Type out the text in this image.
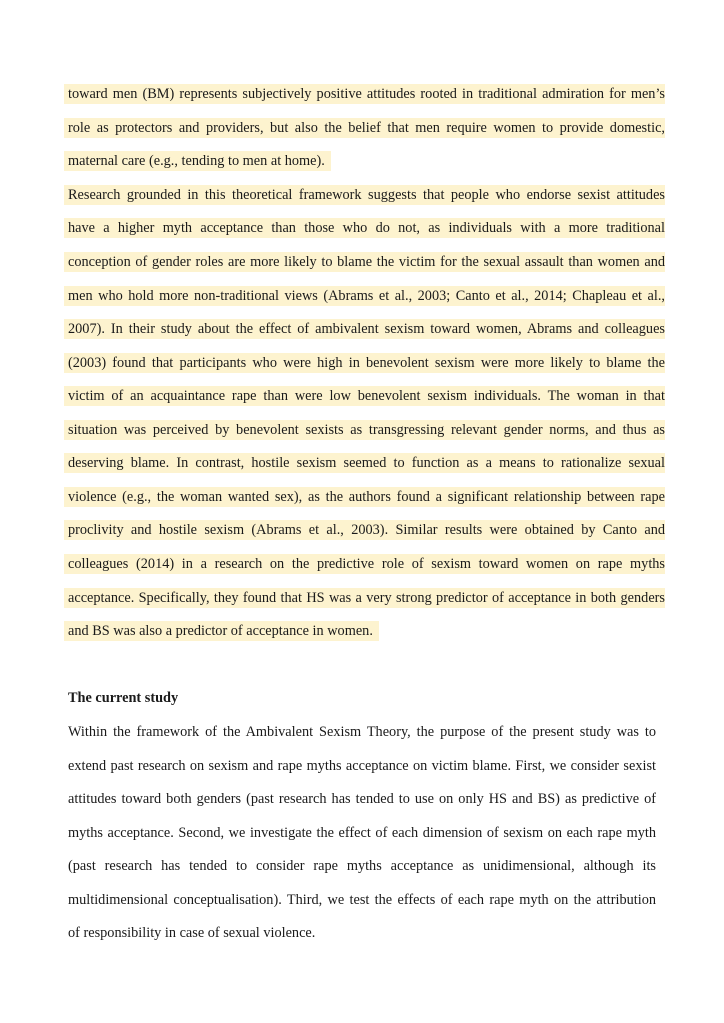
toward men (BM) represents subjectively positive attitudes rooted in traditional admiration for men’s
role as protectors and providers, but also the belief that men require women to provide domestic,
maternal care (e.g., tending to men at home).
Research grounded in this theoretical framework suggests that people who endorse sexist attitudes
have a higher myth acceptance than those who do not, as individuals with a more traditional
conception of gender roles are more likely to blame the victim for the sexual assault than women and
men who hold more non-traditional views (Abrams et al., 2003; Canto et al., 2014; Chapleau et al.,
2007). In their study about the effect of ambivalent sexism toward women, Abrams and colleagues
(2003) found that participants who were high in benevolent sexism were more likely to blame the
victim of an acquaintance rape than were low benevolent sexism individuals. The woman in that
situation was perceived by benevolent sexists as transgressing relevant gender norms, and thus as
deserving blame. In contrast, hostile sexism seemed to function as a means to rationalize sexual
violence (e.g., the woman wanted sex), as the authors found a significant relationship between rape
proclivity and hostile sexism (Abrams et al., 2003). Similar results were obtained by Canto and
colleagues (2014) in a research on the predictive role of sexism toward women on rape myths
acceptance. Specifically, they found that HS was a very strong predictor of acceptance in both genders
and BS was also a predictor of acceptance in women.
The current study
Within the framework of the Ambivalent Sexism Theory, the purpose of the present study was to
extend past research on sexism and rape myths acceptance on victim blame. First, we consider sexist
attitudes toward both genders (past research has tended to use on only HS and BS) as predictive of
myths acceptance. Second, we investigate the effect of each dimension of sexism on each rape myth
(past research has tended to consider rape myths acceptance as unidimensional, although its
multidimensional conceptualisation). Third, we test the effects of each rape myth on the attribution
of responsibility in case of sexual violence.
